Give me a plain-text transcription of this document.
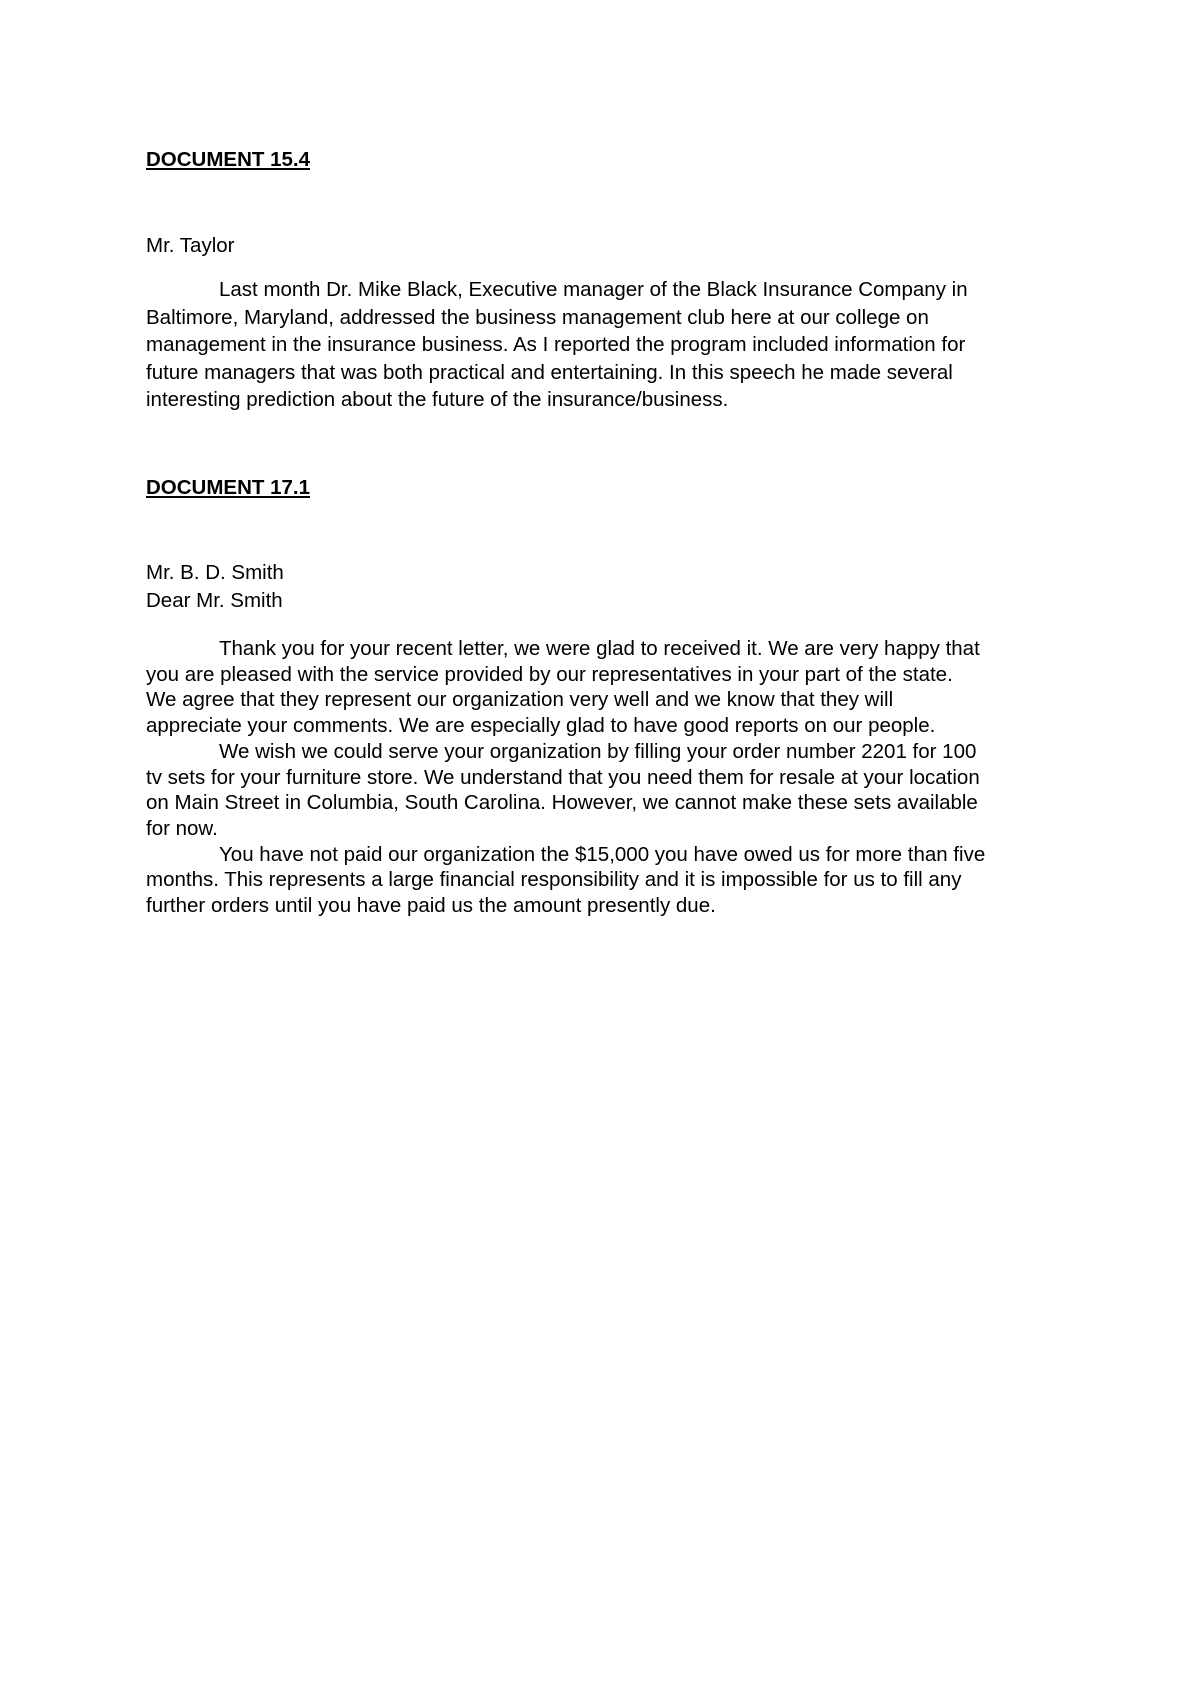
DOCUMENT 15.4

Mr. Taylor

Last month Dr. Mike Black, Executive manager of the Black Insurance Company in

Baltimore, Maryland, addressed the business management club here at our college on

management in the insurance business. As I reported the program included information for

future managers that was both practical and entertaining. In this speech he made several

interesting prediction about the future of the insurance/business.

DOCUMENT 17.1

Mr. B. D. Smith

Dear Mr. Smith

Thank you for your recent letter, we were glad to received it. We are very happy that

you are pleased with the service provided by our representatives in your part of the state.

We agree that they represent our organization very well and we know that they will

appreciate your comments. We are especially glad to have good reports on our people.

We wish we could serve your organization by filling your order number 2201 for 100

tv sets for your furniture store. We understand that you need them for resale at your location

on Main Street in Columbia, South Carolina. However, we cannot make these sets available

for now.

You have not paid our organization the $15,000 you have owed us for more than five

months. This represents a large financial responsibility and it is impossible for us to fill any

further orders until you have paid us the amount presently due.
